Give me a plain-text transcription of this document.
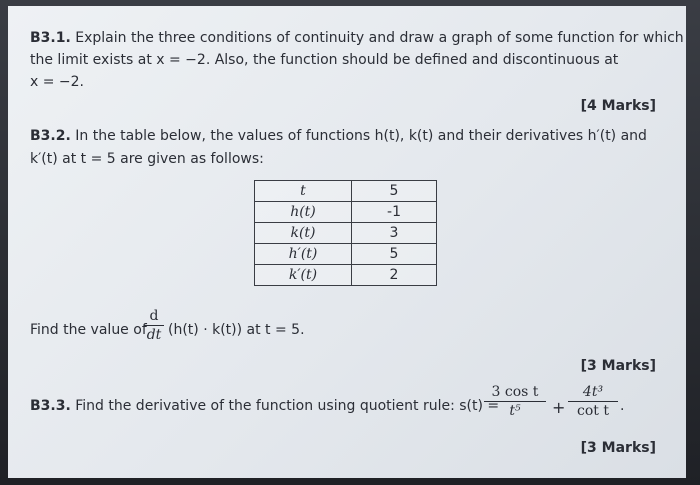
B3.1. Explain the three conditions of continuity and draw a graph of some function for which
the limit exists at x = −2. Also, the function should be defined and discontinuous at
x = −2.
[4 Marks]
B3.2. In the table below, the values of functions h(t), k(t) and their derivatives h′(t) and
k′(t) at t = 5 are given as follows:
t	5
h(t)	-1
k(t)	3
h′(t)	5
k′(t)	2
Find the value of
d
dt (h(t) · k(t)) at t = 5.
[3 Marks]
B3.3. Find the derivative of the function using quotient rule: s(t) =
3 cos t
t⁵	+
4t³
cot t .
[3 Marks]
